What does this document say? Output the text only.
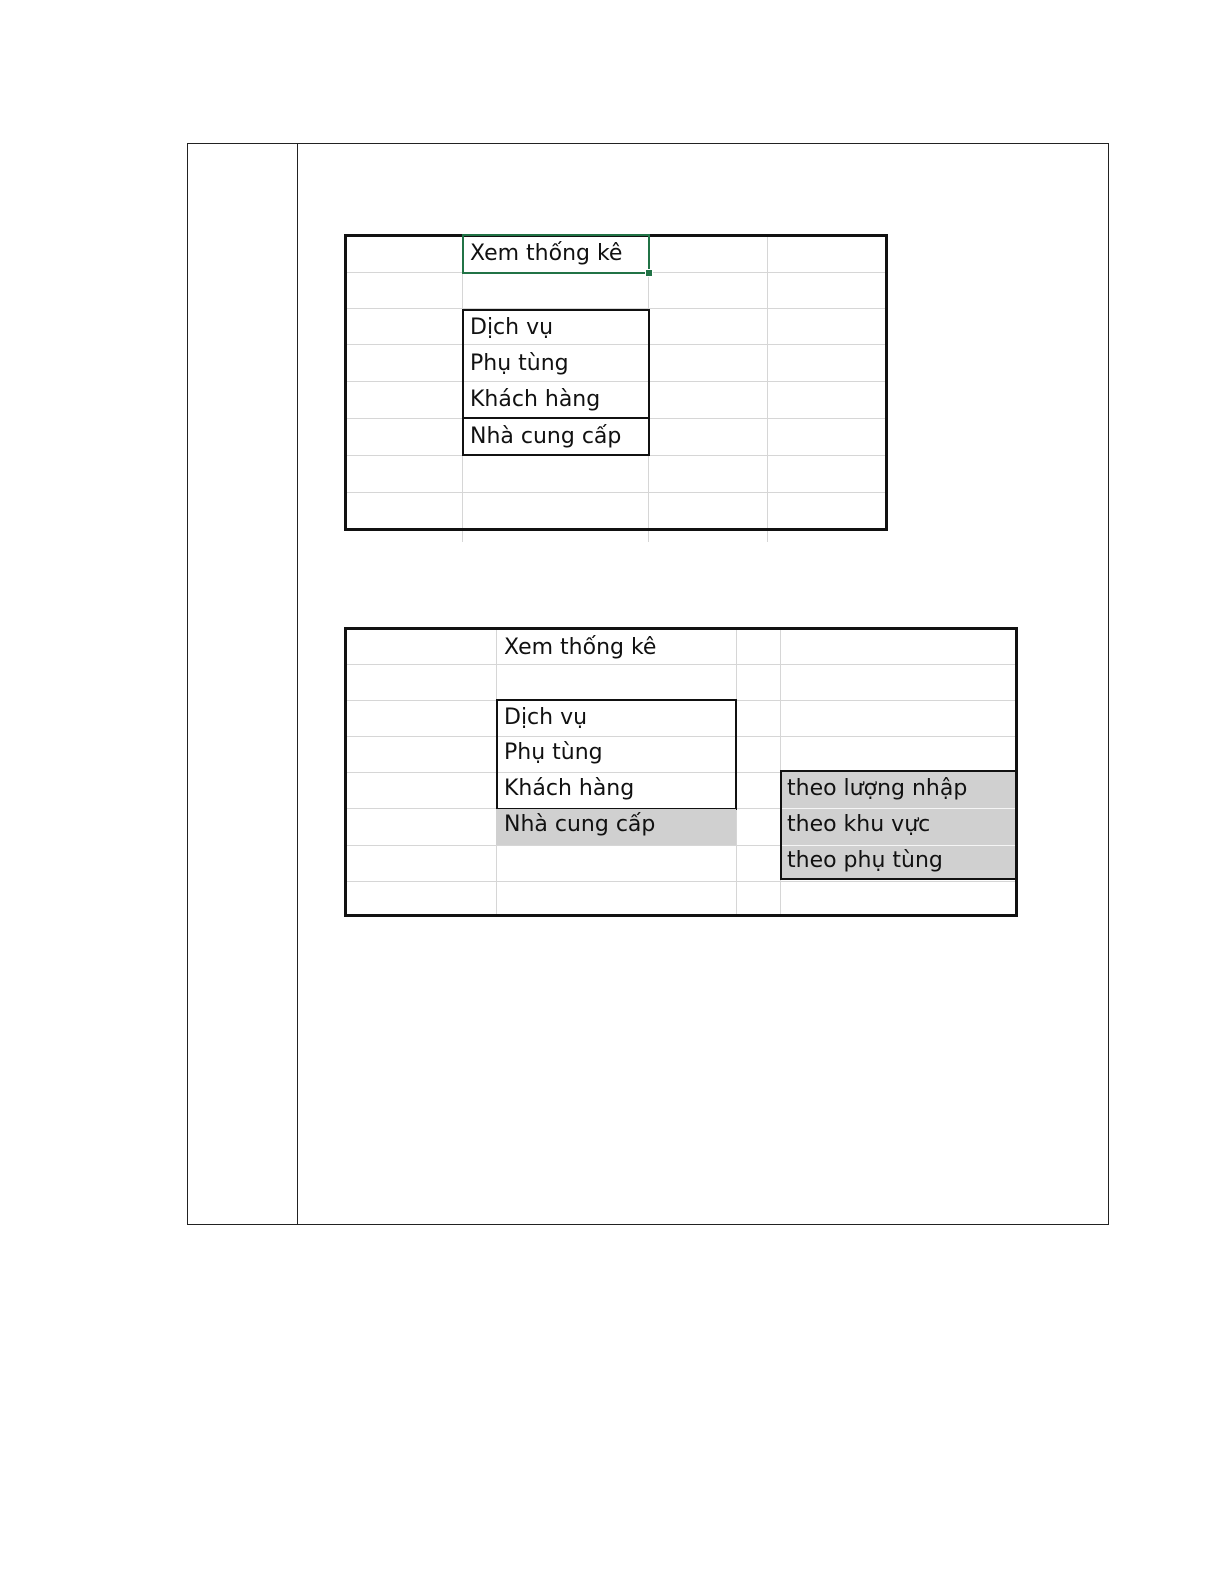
Xem thống kê
Dịch vụ
Phụ tùng
Khách hàng
Nhà cung cấp
Xem thống kê
Dịch vụ
Phụ tùng
Khách hàng
Nhà cung cấp
theo lượng nhập
theo khu vực
theo phụ tùng
